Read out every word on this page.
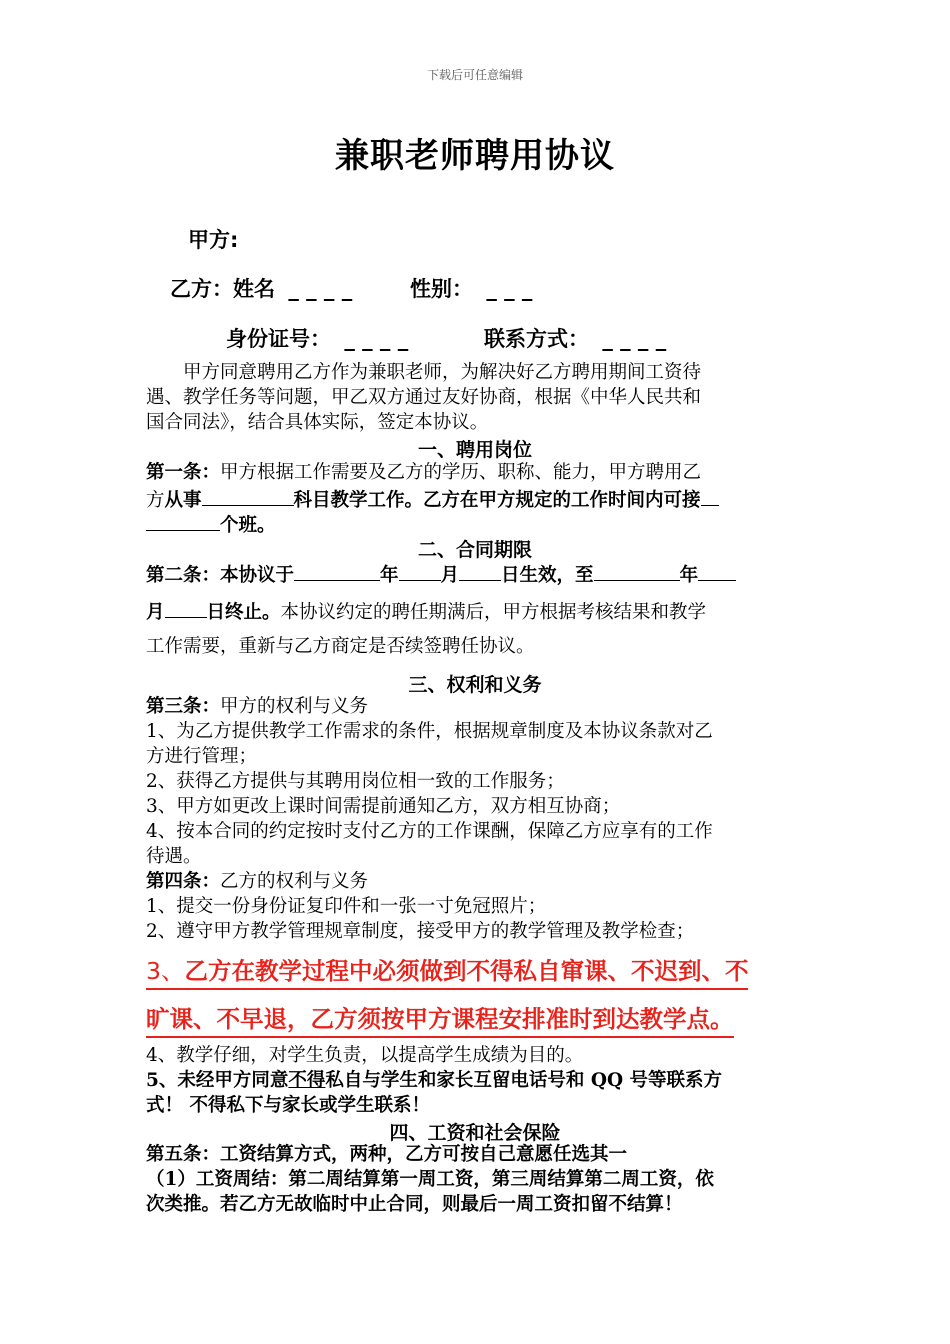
下载后可任意编辑
兼职老师聘用协议
甲方:
乙方：姓名 _ _ _ _	性别： _ _ _
身份证号： _ _ _ _	联系方式： _ _ _ _
甲方同意聘用乙方作为兼职老师，为解决好乙方聘用期间工资待
遇、教学任务等问题，甲乙双方通过友好协商，根据《中华人民共和
国合同法》，结合具体实际，签定本协议。
一、聘用岗位
第一条：甲方根据工作需要及乙方的学历、职称、能力，甲方聘用乙
方从事	科目教学工作。乙方在甲方规定的工作时间内可接
个班。
二、合同期限
第二条：本协议于	年 月 日生效，至	年
月 日终止。本协议约定的聘任期满后，甲方根据考核结果和教学
工作需要，重新与乙方商定是否续签聘任协议。
三、权利和义务
第三条：甲方的权利与义务
1、为乙方提供教学工作需求的条件，根据规章制度及本协议条款对乙
方进行管理；
2、获得乙方提供与其聘用岗位相一致的工作服务；
3、甲方如更改上课时间需提前通知乙方，双方相互协商；
4、按本合同的约定按时支付乙方的工作课酬，保障乙方应享有的工作
待遇。
第四条：乙方的权利与义务
1、提交一份身份证复印件和一张一寸免冠照片；
2、遵守甲方教学管理规章制度，接受甲方的教学管理及教学检查；
3、乙方在教学过程中必须做到不得私自窜课、不迟到、不
旷课、不早退，乙方须按甲方课程安排准时到达教学点。
4、教学仔细，对学生负责，以提高学生成绩为目的。
5、未经甲方同意不得私自与学生和家长互留电话号和 QQ 号等联系方
式！ 不得私下与家长或学生联系！
四、工资和社会保险
第五条：工资结算方式，两种，乙方可按自己意愿任选其一
（1）工资周结：第二周结算第一周工资，第三周结算第二周工资，依
次类推。若乙方无故临时中止合同，则最后一周工资扣留不结算！
